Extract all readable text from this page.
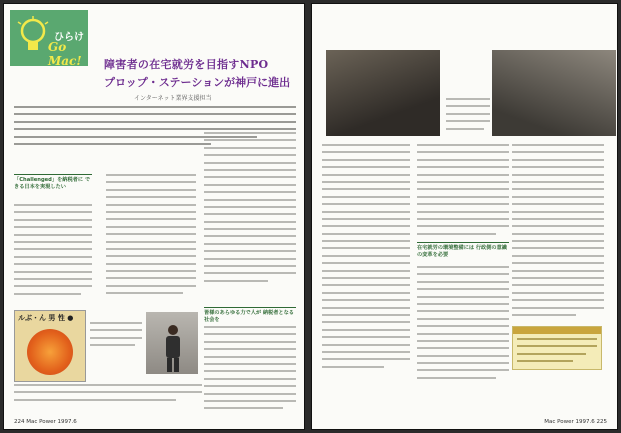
ひらけ
Go Mac!	障害者の在宅就労を目指すNPO
プロップ・ステーションが神戸に進出
インターネット業界支援担当
「Challenged」を納税者に できる日本を実現したい
皆様のあらゆる力で人が 納税者となる社会を
ルぶ・ん 男 性 ●
224 Mac Power 1997.6
在宅就労の環境整備には 行政側の意識の変革を必要
Mac Power 1997.6 225
